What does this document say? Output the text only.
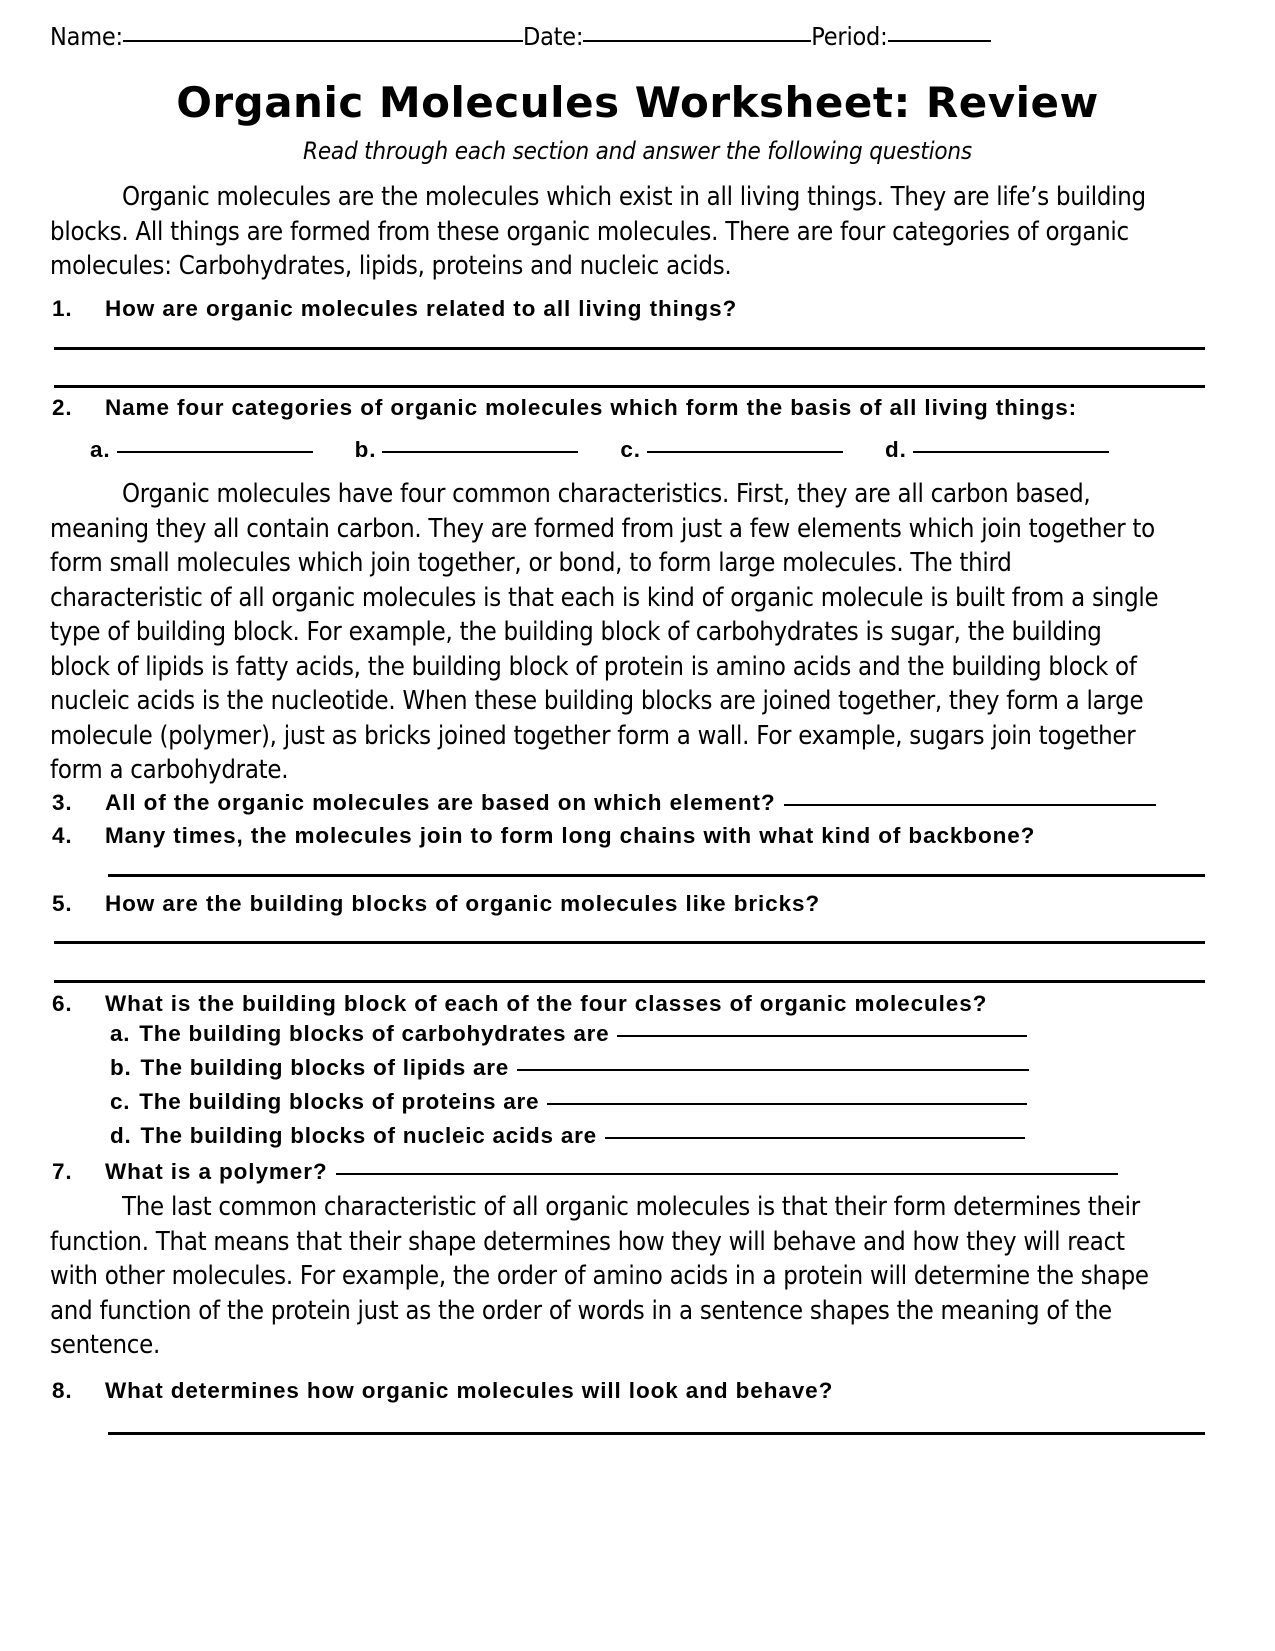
Name:	Date:	Period:
Organic Molecules Worksheet: Review
Read through each section and answer the following questions
Organic molecules are the molecules which exist in all living things. They are life’s building blocks. All things are formed from these organic molecules. There are four categories of organic molecules: Carbohydrates, lipids, proteins and nucleic acids.
1. How are organic molecules related to all living things?
2. Name four categories of organic molecules which form the basis of all living things:
a.	b.	c.	d.
Organic molecules have four common characteristics. First, they are all carbon based, meaning they all contain carbon. They are formed from just a few elements which join together to form small molecules which join together, or bond, to form large molecules. The third characteristic of all organic molecules is that each is kind of organic molecule is built from a single type of building block. For example, the building block of carbohydrates is sugar, the building block of lipids is fatty acids, the building block of protein is amino acids and the building block of nucleic acids is the nucleotide. When these building blocks are joined together, they form a large molecule (polymer), just as bricks joined together form a wall. For example, sugars join together form a carbohydrate.
3. All of the organic molecules are based on which element?
4. Many times, the molecules join to form long chains with what kind of backbone?
5. How are the building blocks of organic molecules like bricks?
6. What is the building block of each of the four classes of organic molecules?
a. The building blocks of carbohydrates are
b. The building blocks of lipids are
c. The building blocks of proteins are
d. The building blocks of nucleic acids are
7. What is a polymer?
The last common characteristic of all organic molecules is that their form determines their function. That means that their shape determines how they will behave and how they will react with other molecules. For example, the order of amino acids in a protein will determine the shape and function of the protein just as the order of words in a sentence shapes the meaning of the sentence.
8. What determines how organic molecules will look and behave?
